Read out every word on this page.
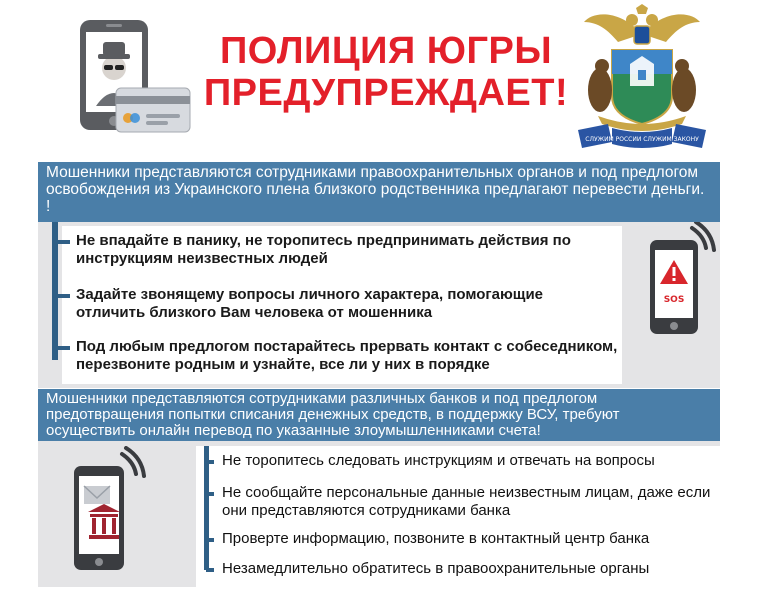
ПОЛИЦИЯ ЮГРЫ
ПРЕДУПРЕЖДАЕТ!
СЛУЖИМ РОССИИ СЛУЖИМ ЗАКОНУ
Мошенники представляются сотрудниками правоохранительных органов и под предлогом освобождения из Украинского плена близкого родственника предлагают перевести деньги. !
Не впадайте в панику, не торопитесь предпринимать действия по инструкциям неизвестных людей
Задайте звонящему вопросы личного характера, помогающие отличить близкого Вам человека от мошенника
Под любым предлогом постарайтесь прервать контакт с собеседником, перезвоните родным и узнайте, все ли у них в порядке
SOS
Мошенники представляются сотрудниками различных банков и под предлогом предотвращения попытки списания денежных средств, в поддержку ВСУ, требуют осуществить онлайн перевод по указанные злоумышленниками счета!
Не торопитесь следовать инструкциям и отвечать на вопросы
Не сообщайте персональные данные неизвестным лицам, даже если они представляются сотрудниками банка
Проверте информацию, позвоните в контактный центр банка
Незамедлительно обратитесь в правоохранительные органы
